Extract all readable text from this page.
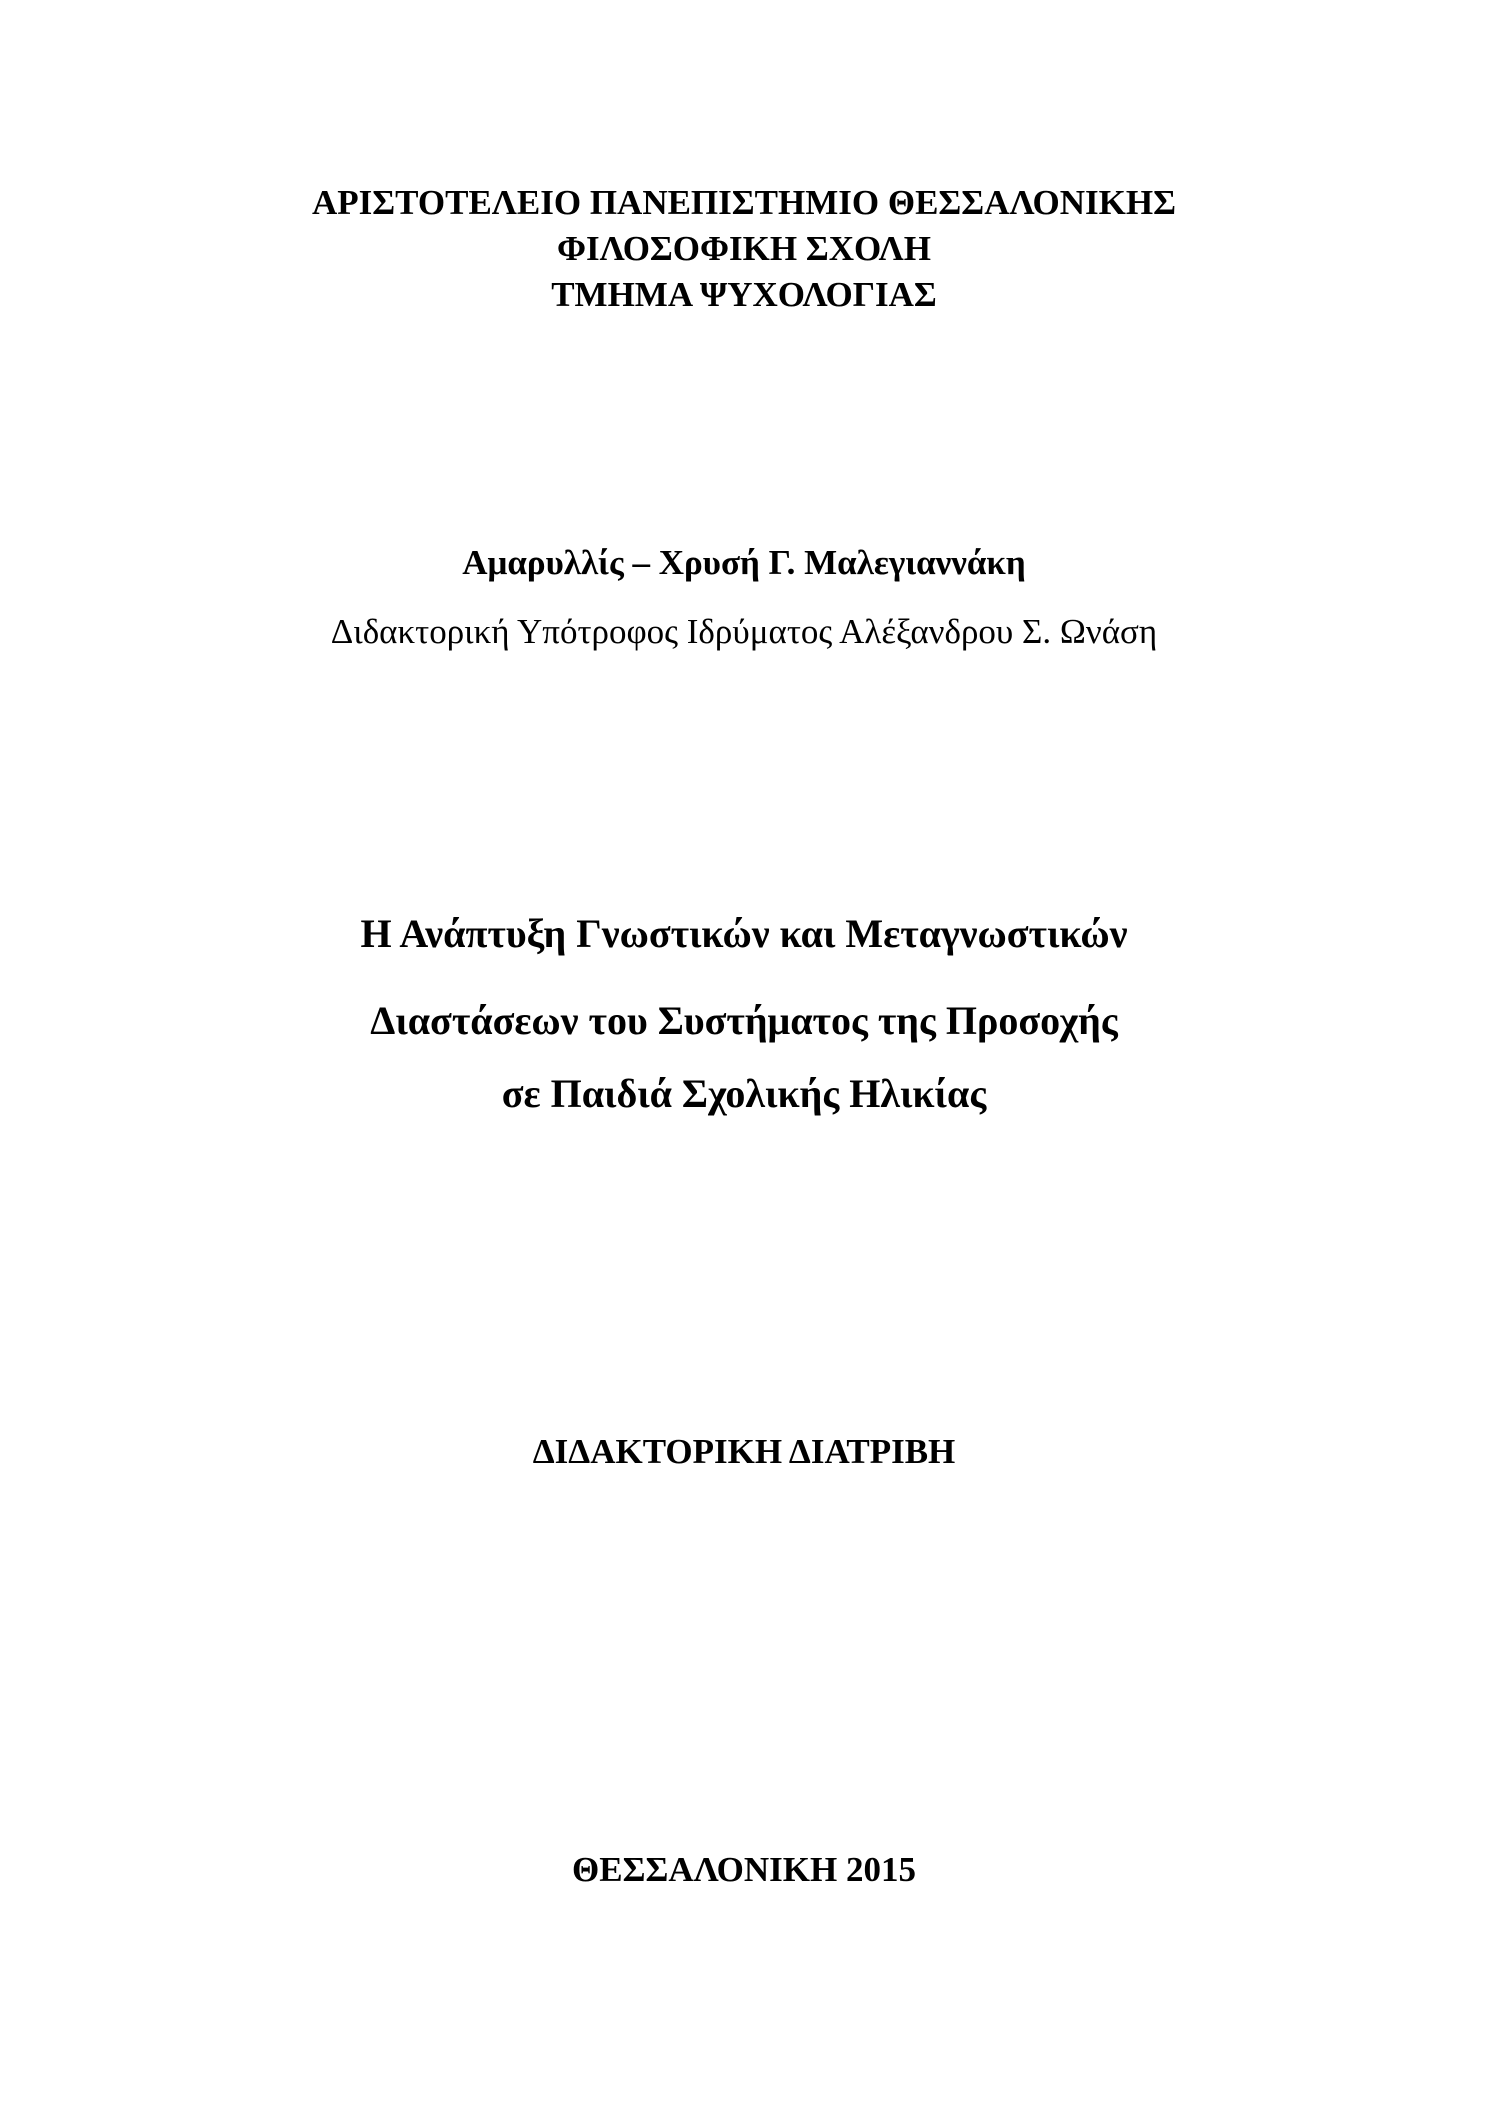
ΑΡΙΣΤΟΤΕΛΕΙΟ ΠΑΝΕΠΙΣΤΗΜΙΟ ΘΕΣΣΑΛΟΝΙΚΗΣ
ΦΙΛΟΣΟΦΙΚΗ ΣΧΟΛΗ
ΤΜΗΜΑ ΨΥΧΟΛΟΓΙΑΣ
Αμαρυλλίς – Χρυσή Γ. Μαλεγιαννάκη
Διδακτορική Υπότροφος Ιδρύματος Αλέξανδρου Σ. Ωνάση
Η Ανάπτυξη Γνωστικών και Μεταγνωστικών
Διαστάσεων του Συστήματος της Προσοχής
σε Παιδιά Σχολικής Ηλικίας
ΔΙΔΑΚΤΟΡΙΚΗ ΔΙΑΤΡΙΒΗ
ΘΕΣΣΑΛΟΝΙΚΗ 2015
